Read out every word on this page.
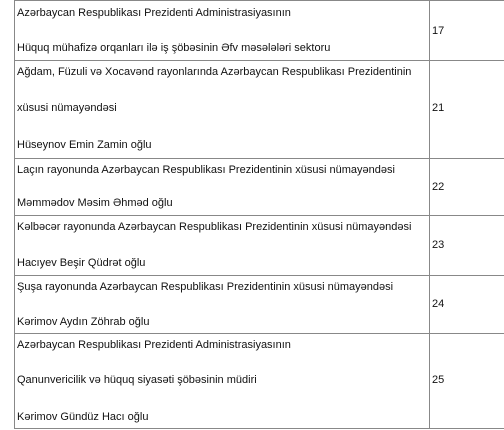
Azərbaycan Respublikası Prezidenti Administrasiyasının
Hüquq mühafizə orqanları ilə iş şöbəsinin Əfv məsələləri sektoru	17

Ağdam, Füzuli və Xocavənd rayonlarında Azərbaycan Respublikası Prezidentinin
xüsusi nümayəndəsi
Hüseynov Emin Zamin oğlu	21

Laçın rayonunda Azərbaycan Respublikası Prezidentinin xüsusi nümayəndəsi
Məmmədov Məsim Əhməd oğlu	22

Kəlbəcər rayonunda Azərbaycan Respublikası Prezidentinin xüsusi nümayəndəsi
Hacıyev Beşir Qüdrət oğlu	23

Şuşa rayonunda Azərbaycan Respublikası Prezidentinin xüsusi nümayəndəsi
Kərimov Aydın Zöhrab oğlu	24

Azərbaycan Respublikası Prezidenti Administrasiyasının
Qanunvericilik və hüquq siyasəti şöbəsinin müdiri
Kərimov Gündüz Hacı oğlu	25
